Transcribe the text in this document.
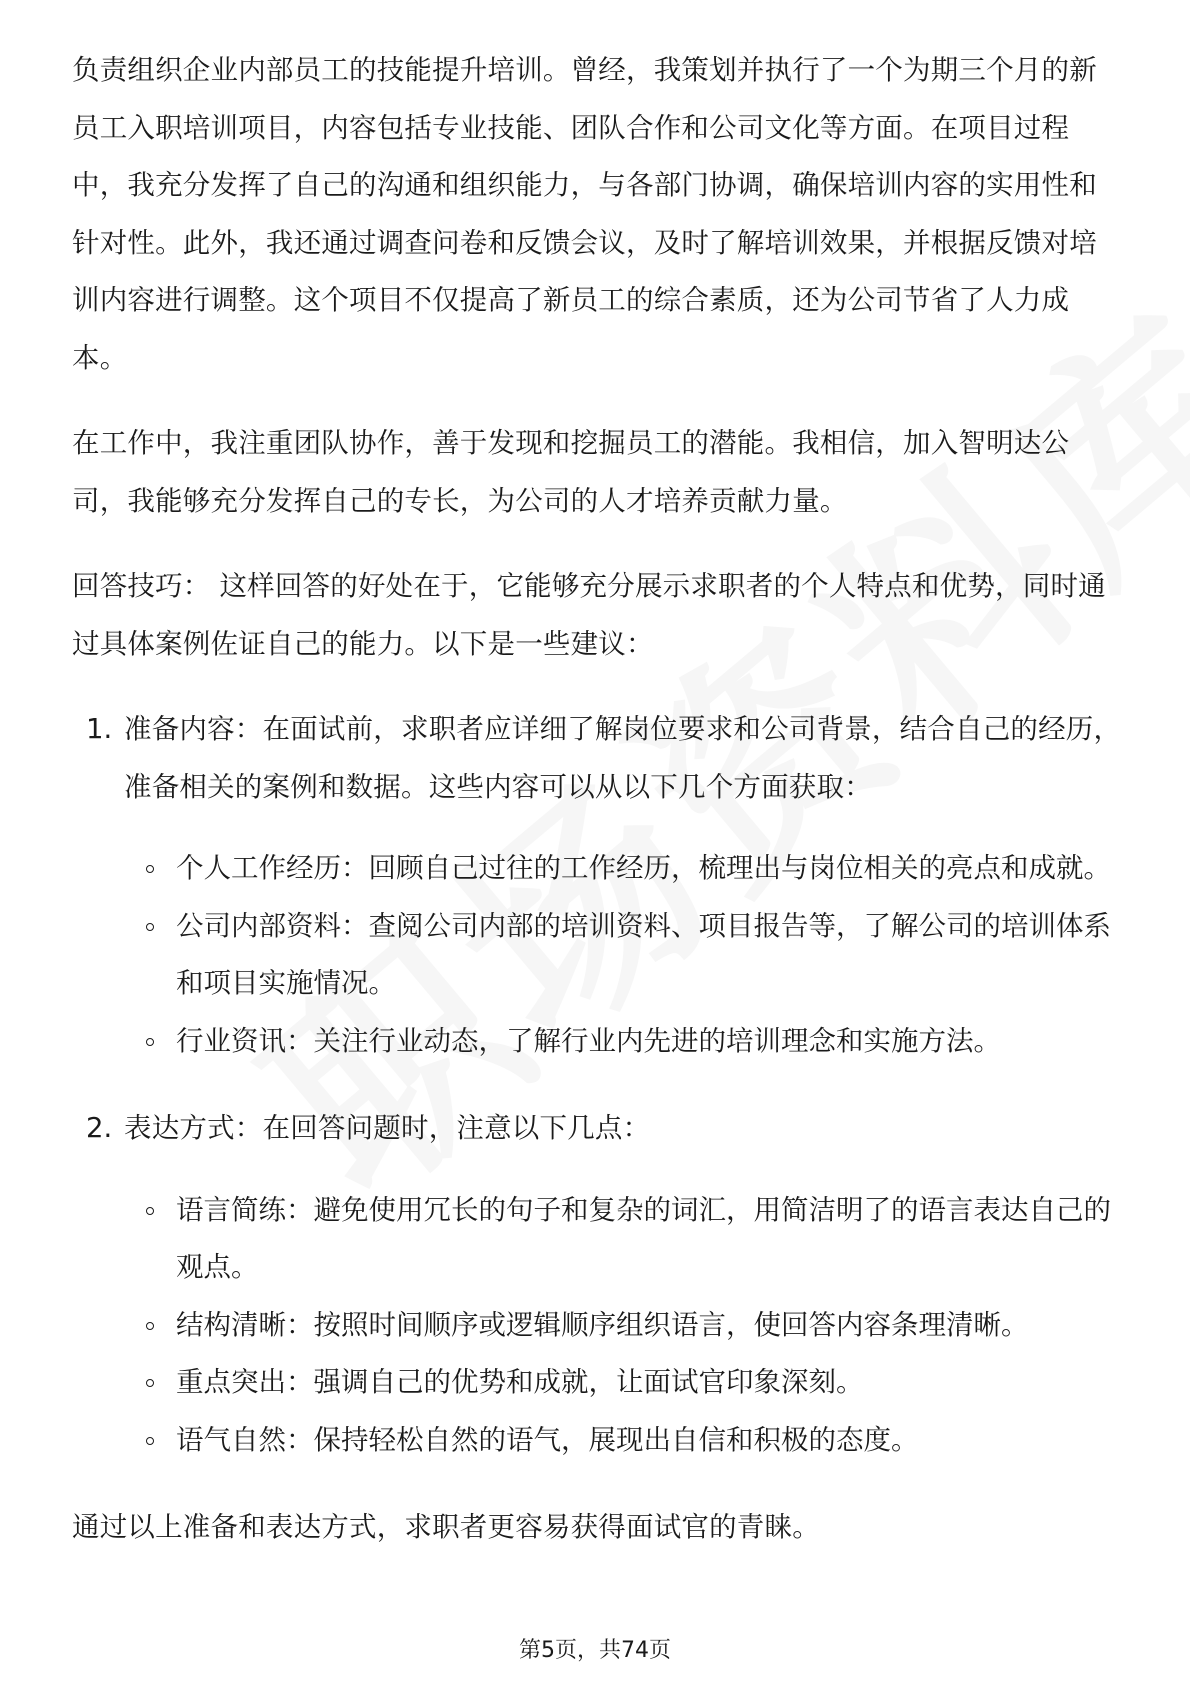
负责组织企业内部员工的技能提升培训。曾经，我策划并执行了一个为期三个月的新员工入职培训项目，内容包括专业技能、团队合作和公司文化等方面。在项目过程中，我充分发挥了自己的沟通和组织能力，与各部门协调，确保培训内容的实用性和针对性。此外，我还通过调查问卷和反馈会议，及时了解培训效果，并根据反馈对培训内容进行调整。这个项目不仅提高了新员工的综合素质，还为公司节省了人力成本。

在工作中，我注重团队协作，善于发现和挖掘员工的潜能。我相信，加入智明达公司，我能够充分发挥自己的专长，为公司的人才培养贡献力量。

回答技巧： 这样回答的好处在于，它能够充分展示求职者的个人特点和优势，同时通过具体案例佐证自己的能力。以下是一些建议：

1. 准备内容：在面试前，求职者应详细了解岗位要求和公司背景，结合自己的经历，准备相关的案例和数据。这些内容可以从以下几个方面获取：
个人工作经历：回顾自己过往的工作经历，梳理出与岗位相关的亮点和成就。
公司内部资料：查阅公司内部的培训资料、项目报告等，了解公司的培训体系和项目实施情况。
行业资讯：关注行业动态，了解行业内先进的培训理念和实施方法。
2. 表达方式：在回答问题时，注意以下几点：
语言简练：避免使用冗长的句子和复杂的词汇，用简洁明了的语言表达自己的观点。
结构清晰：按照时间顺序或逻辑顺序组织语言，使回答内容条理清晰。
重点突出：强调自己的优势和成就，让面试官印象深刻。
语气自然：保持轻松自然的语气，展现出自信和积极的态度。

通过以上准备和表达方式，求职者更容易获得面试官的青睐。

第5页，共74页
